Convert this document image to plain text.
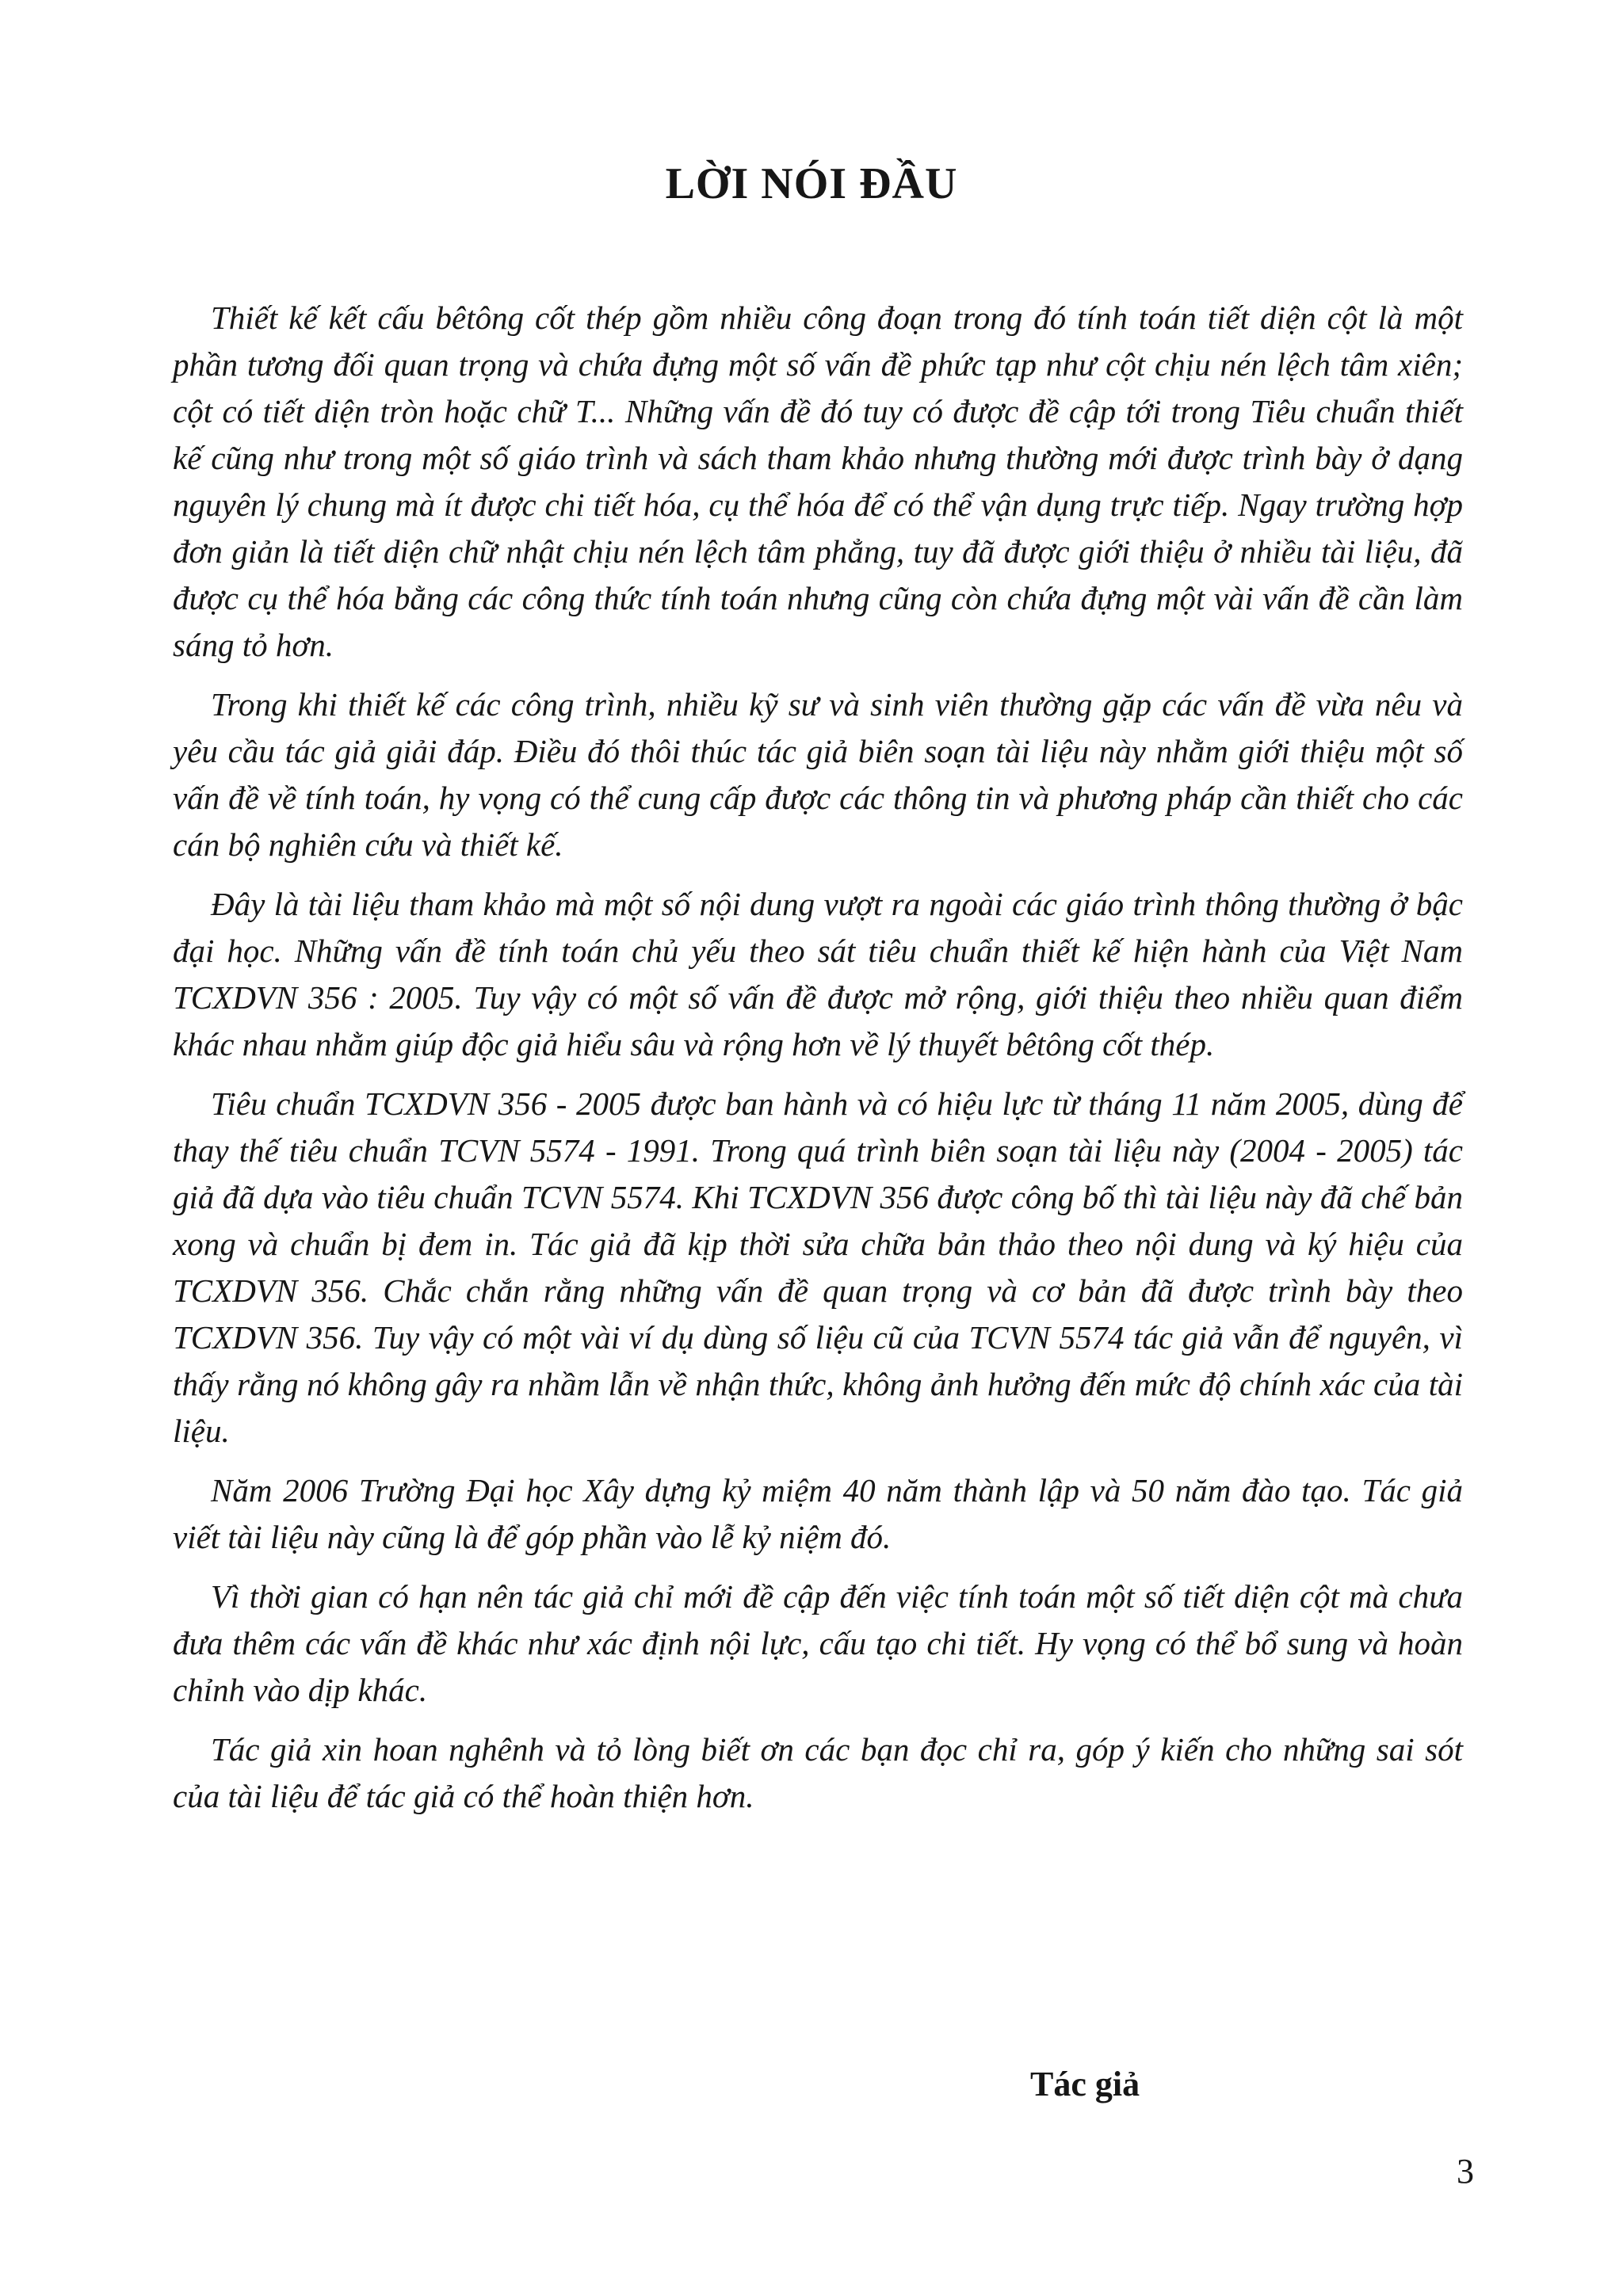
LỜI NÓI ĐẦU

Thiết kế kết cấu bêtông cốt thép gồm nhiều công đoạn trong đó tính toán tiết diện cột là một phần tương đối quan trọng và chứa đựng một số vấn đề phức tạp như cột chịu nén lệch tâm xiên; cột có tiết diện tròn hoặc chữ T... Những vấn đề đó tuy có được đề cập tới trong Tiêu chuẩn thiết kế cũng như trong một số giáo trình và sách tham khảo nhưng thường mới được trình bày ở dạng nguyên lý chung mà ít được chi tiết hóa, cụ thể hóa để có thể vận dụng trực tiếp. Ngay trường hợp đơn giản là tiết diện chữ nhật chịu nén lệch tâm phẳng, tuy đã được giới thiệu ở nhiều tài liệu, đã được cụ thể hóa bằng các công thức tính toán nhưng cũng còn chứa đựng một vài vấn đề cần làm sáng tỏ hơn.

Trong khi thiết kế các công trình, nhiều kỹ sư và sinh viên thường gặp các vấn đề vừa nêu và yêu cầu tác giả giải đáp. Điều đó thôi thúc tác giả biên soạn tài liệu này nhằm giới thiệu một số vấn đề về tính toán, hy vọng có thể cung cấp được các thông tin và phương pháp cần thiết cho các cán bộ nghiên cứu và thiết kế.

Đây là tài liệu tham khảo mà một số nội dung vượt ra ngoài các giáo trình thông thường ở bậc đại học. Những vấn đề tính toán chủ yếu theo sát tiêu chuẩn thiết kế hiện hành của Việt Nam TCXDVN 356 : 2005. Tuy vậy có một số vấn đề được mở rộng, giới thiệu theo nhiều quan điểm khác nhau nhằm giúp độc giả hiểu sâu và rộng hơn về lý thuyết bêtông cốt thép.

Tiêu chuẩn TCXDVN 356 - 2005 được ban hành và có hiệu lực từ tháng 11 năm 2005, dùng để thay thế tiêu chuẩn TCVN 5574 - 1991. Trong quá trình biên soạn tài liệu này (2004 - 2005) tác giả đã dựa vào tiêu chuẩn TCVN 5574. Khi TCXDVN 356 được công bố thì tài liệu này đã chế bản xong và chuẩn bị đem in. Tác giả đã kịp thời sửa chữa bản thảo theo nội dung và ký hiệu của TCXDVN 356. Chắc chắn rằng những vấn đề quan trọng và cơ bản đã được trình bày theo TCXDVN 356. Tuy vậy có một vài ví dụ dùng số liệu cũ của TCVN 5574 tác giả vẫn để nguyên, vì thấy rằng nó không gây ra nhầm lẫn về nhận thức, không ảnh hưởng đến mức độ chính xác của tài liệu.

Năm 2006 Trường Đại học Xây dựng kỷ miệm 40 năm thành lập và 50 năm đào tạo. Tác giả viết tài liệu này cũng là để góp phần vào lễ kỷ niệm đó.

Vì thời gian có hạn nên tác giả chỉ mới đề cập đến việc tính toán một số tiết diện cột mà chưa đưa thêm các vấn đề khác như xác định nội lực, cấu tạo chi tiết. Hy vọng có thể bổ sung và hoàn chỉnh vào dịp khác.

Tác giả xin hoan nghênh và tỏ lòng biết ơn các bạn đọc chỉ ra, góp ý kiến cho những sai sót của tài liệu để tác giả có thể hoàn thiện hơn.

Tác giả

3
